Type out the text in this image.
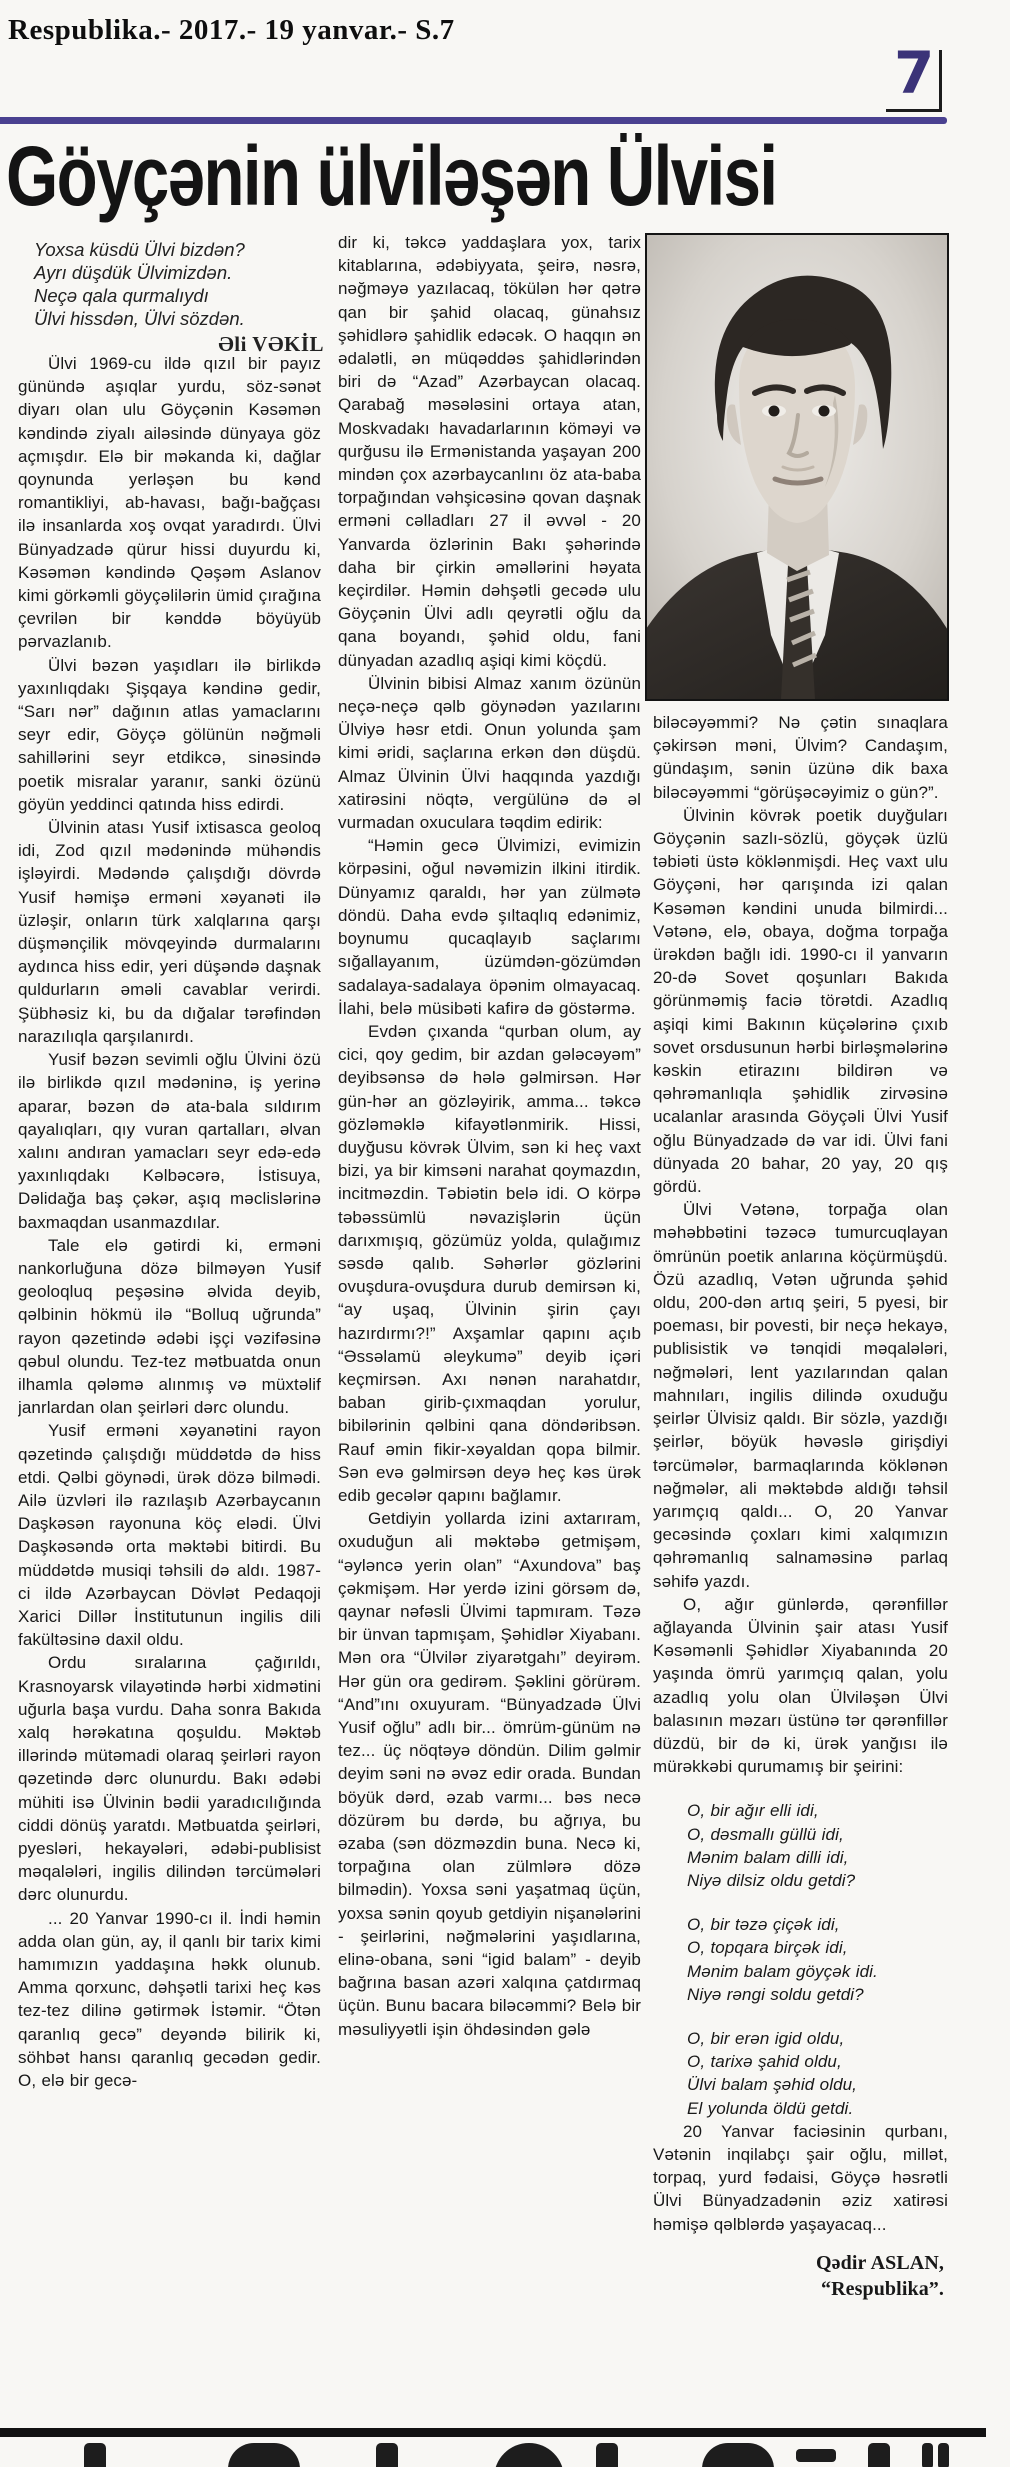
Respublika.- 2017.- 19 yanvar.- S.7
7
Göyçənin ülviləşən Ülvisi
Yoxsa küsdü Ülvi bizdən?
Ayrı düşdük Ülvimizdən.
Neçə qala qurmalıydı
Ülvi hissdən, Ülvi sözdən.
Əli VƏKİL

Ülvi 1969-cu ildə qızıl bir payız günündə aşıqlar yurdu, söz-sənət diyarı olan ulu Göyçənin Kəsəmən kəndində ziyalı ailəsində dünyaya göz açmışdır. Elə bir məkanda ki, dağlar qoynunda yerləşən bu kənd romantikliyi, ab-havası, bağı-bağçası ilə insanlarda xoş ovqat yaradırdı. Ülvi Bünyadzadə qürur hissi duyurdu ki, Kəsəmən kəndində Qəşəm Aslanov kimi görkəmli göyçəlilərin ümid çırağına çevrilən bir kənddə böyüyüb pərvazlanıb.

Ülvi bəzən yaşıdları ilə birlikdə yaxınlıqdakı Şişqaya kəndinə gedir, “Sarı nər” dağının atlas yamaclarını seyr edir, Göyçə gölünün nəğməli sahillərini seyr etdikcə, sinəsində poetik misralar yaranır, sanki özünü göyün yeddinci qatında hiss edirdi.

Ülvinin atası Yusif ixtisasca geoloq idi, Zod qızıl mədənində mühəndis işləyirdi. Mədəndə çalışdığı dövrdə Yusif həmişə erməni xəyanəti ilə üzləşir, onların türk xalqlarına qarşı düşmənçilik mövqeyində durmalarını aydınca hiss edir, yeri düşəndə daşnak quldurların əməli cavablar verirdi. Şübhəsiz ki, bu da dığalar tərəfindən narazılıqla qarşılanırdı.

Yusif bəzən sevimli oğlu Ülvini özü ilə birlikdə qızıl mədəninə, iş yerinə aparar, bəzən də ata-bala sıldırım qayalıqları, qıy vuran qartalları, əlvan xalını andıran yamacları seyr edə-edə yaxınlıqdakı Kəlbəcərə, İstisuya, Dəlidağa baş çəkər, aşıq məclislərinə baxmaqdan usanmazdılar.

Tale elə gətirdi ki, erməni nankorluğuna dözə bilməyən Yusif geoloqluq peşəsinə əlvida deyib, qəlbinin hökmü ilə “Bolluq uğrunda” rayon qəzetində ədəbi işçi vəzifəsinə qəbul olundu. Tez-tez mətbuatda onun ilhamla qələmə alınmış və müxtəlif janrlardan olan şeirləri dərc olundu.

Yusif erməni xəyanətini rayon qəzetində çalışdığı müddətdə də hiss etdi. Qəlbi göynədi, ürək dözə bilmədi. Ailə üzvləri ilə razılaşıb Azərbaycanın Daşkəsən rayonuna köç elədi. Ülvi Daşkəsəndə orta məktəbi bitirdi. Bu müddətdə musiqi təhsili də aldı. 1987-ci ildə Azərbaycan Dövlət Pedaqoji Xarici Dillər İnstitutunun ingilis dili fakültəsinə daxil oldu.

Ordu sıralarına çağırıldı, Krasnoyarsk vilayətində hərbi xidmətini uğurla başa vurdu. Daha sonra Bakıda xalq hərəkatına qoşuldu. Məktəb illərində mütəmadi olaraq şeirləri rayon qəzetində dərc olunurdu. Bakı ədəbi mühiti isə Ülvinin bədii yaradıcılığında ciddi dönüş yaratdı. Mətbuatda şeirləri, pyesləri, hekayələri, ədəbi-publisist məqalələri, ingilis dilindən tərcümələri dərc olunurdu.

... 20 Yanvar 1990-cı il. İndi həmin adda olan gün, ay, il qanlı bir tarix kimi hamımızın yaddaşına həkk olunub. Amma qorxunc, dəhşətli tarixi heç kəs tez-tez dilinə gətirmək İstəmir. “Ötən qaranlıq gecə” deyəndə bilirik ki, söhbət hansı qaranlıq gecədən gedir. O, elə bir gecə-

dir ki, təkcə yaddaşlara yox, tarix kitablarına, ədəbiyyata, şeirə, nəsrə, nəğməyə yazılacaq, tökülən hər qətrə qan bir şahid olacaq, günahsız şəhidlərə şahidlik edəcək. O haqqın ən ədalətli, ən müqəddəs şahidlərindən biri də “Azad” Azərbaycan olacaq. Qarabağ məsələsini ortaya atan, Moskvadakı havadarlarının köməyi və qurğusu ilə Ermənistanda yaşayan 200 mindən çox azərbaycanlını öz ata-baba torpağından vəhşicəsinə qovan daşnak erməni cəlladları 27 il əvvəl - 20 Yanvarda özlərinin Bakı şəhərində daha bir çirkin əməllərini həyata keçirdilər. Həmin dəhşətli gecədə ulu Göyçənin Ülvi adlı qeyrətli oğlu da qana boyandı, şəhid oldu, fani dünyadan azadlıq aşiqi kimi köçdü.

Ülvinin bibisi Almaz xanım özünün neçə-neçə qəlb göynədən yazılarını Ülviyə həsr etdi. Onun yolunda şam kimi əridi, saçlarına erkən dən düşdü. Almaz Ülvinin Ülvi haqqında yazdığı xatirəsini nöqtə, vergülünə də əl vurmadan oxuculara təqdim edirik:

“Həmin gecə Ülvimizi, evimizin körpəsini, oğul nəvəmizin ilkini itirdik. Dünyamız qaraldı, hər yan zülmətə döndü. Daha evdə şıltaqlıq edənimiz, boynumu qucaqlayıb saçlarımı sığallayanım, üzümdən-gözümdən sadalaya-sadalaya öpənim olmayacaq. İlahi, belə müsibəti kafirə də göstərmə.

Evdən çıxanda “qurban olum, ay cici, qoy gedim, bir azdan gələcəyəm” deyibsənsə də hələ gəlmirsən. Hər gün-hər an gözləyirik, amma... təkcə gözləməklə kifayətlənmirik. Hissi, duyğusu kövrək Ülvim, sən ki heç vaxt bizi, ya bir kimsəni narahat qoymazdın, incitməzdin. Təbiətin belə idi. O körpə təbəssümlü nəvazişlərin üçün darıxmışıq, gözümüz yolda, qulağımız səsdə qalıb. Səhərlər gözlərini ovuşdura-ovuşdura durub demirsən ki, “ay uşaq, Ülvinin şirin çayı hazırdırmı?!” Axşamlar qapını açıb “Əssəlamü əleykumə” deyib içəri keçmirsən. Axı nənən narahatdır, baban girib-çıxmaqdan yorulur, bibilərinin qəlbini qana döndəribsən. Rauf əmin fikir-xəyaldan qopa bilmir. Sən evə gəlmirsən deyə heç kəs ürək edib gecələr qapını bağlamır.

Getdiyin yollarda izini axtarıram, oxuduğun ali məktəbə getmişəm, “əyləncə yerin olan” “Axundova” baş çəkmişəm. Hər yerdə izini görsəm də, qaynar nəfəsli Ülvimi tapmıram. Təzə bir ünvan tapmışam, Şəhidlər Xiyabanı. Mən ora “Ülvilər ziyarətgahı” deyirəm. Hər gün ora gedirəm. Şəklini görürəm. “And”ını oxuyuram. “Bünyadzadə Ülvi Yusif oğlu” adlı bir... ömrüm-günüm nə tez... üç nöqtəyə döndün. Dilim gəlmir deyim səni nə əvəz edir orada. Bundan böyük dərd, əzab varmı... bəs necə dözürəm bu dərdə, bu ağrıya, bu əzaba (sən dözməzdin buna. Necə ki, torpağına olan zülmlərə dözə bilmədin). Yoxsa səni yaşatmaq üçün, yoxsa sənin qoyub getdiyin nişanələrini - şeirlərini, nəğmələrini yaşıdlarına, elinə-obana, səni “igid balam” - deyib bağrına basan azəri xalqına çatdırmaq üçün. Bunu bacara biləcəmmi? Belə bir məsuliyyətli işin öhdəsindən gələ

biləcəyəmmi? Nə çətin sınaqlara çəkirsən məni, Ülvim? Candaşım, gündaşım, sənin üzünə dik baxa biləcəyəmmi “görüşəcəyimiz o gün?”.

Ülvinin kövrək poetik duyğuları Göyçənin sazlı-sözlü, göyçək üzlü təbiəti üstə köklənmişdi. Heç vaxt ulu Göyçəni, hər qarışında izi qalan Kəsəmən kəndini unuda bilmirdi... Vətənə, elə, obaya, doğma torpağa ürəkdən bağlı idi. 1990-cı il yanvarın 20-də Sovet qoşunları Bakıda görünməmiş faciə törətdi. Azadlıq aşiqi kimi Bakının küçələrinə çıxıb sovet orsdusunun hərbi birləşmələrinə kəskin etirazını bildirən və qəhrəmanlıqla şəhidlik zirvəsinə ucalanlar arasında Göyçəli Ülvi Yusif oğlu Bünyadzadə də var idi. Ülvi fani dünyada 20 bahar, 20 yay, 20 qış gördü.

Ülvi Vətənə, torpağa olan məhəbbətini təzəcə tumurcuqlayan ömrünün poetik anlarına köçürmüşdü. Özü azadlıq, Vətən uğrunda şəhid oldu, 200-dən artıq şeiri, 5 pyesi, bir poeması, bir povesti, bir neçə hekayə, publisistik və tənqidi məqalələri, nəğmələri, lent yazılarından qalan mahnıları, ingilis dilində oxuduğu şeirlər Ülvisiz qaldı. Bir sözlə, yazdığı şeirlər, böyük həvəslə girişdiyi tərcümələr, barmaqlarında köklənən nəğmələr, ali məktəbdə aldığı təhsil yarımçıq qaldı... O, 20 Yanvar gecəsində çoxları kimi xalqımızın qəhrəmanlıq salnaməsinə parlaq səhifə yazdı.

O, ağır günlərdə, qərənfillər ağlayanda Ülvinin şair atası Yusif Kəsəmənli Şəhidlər Xiyabanında 20 yaşında ömrü yarımçıq qalan, yolu azadlıq yolu olan Ülviləşən Ülvi balasının məzarı üstünə tər qərənfillər düzdü, bir də ki, ürək yanğısı ilə mürəkkəbi qurumamış bir şeirini:

O, bir ağır elli idi,
O, dəsmallı güllü idi,
Mənim balam dilli idi,
Niyə dilsiz oldu getdi?
O, bir təzə çiçək idi,
O, topqara birçək idi,
Mənim balam göyçək idi.
Niyə rəngi soldu getdi?
O, bir erən igid oldu,
O, tarixə şahid oldu,
Ülvi balam şəhid oldu,
El yolunda öldü getdi.

20 Yanvar faciəsinin qurbanı, Vətənin inqilabçı şair oğlu, millət, torpaq, yurd fədaisi, Göyçə həsrətli Ülvi Bünyadzadənin əziz xatirəsi həmişə qəlblərdə yaşayacaq...

Qədir ASLAN,
“Respublika”.
